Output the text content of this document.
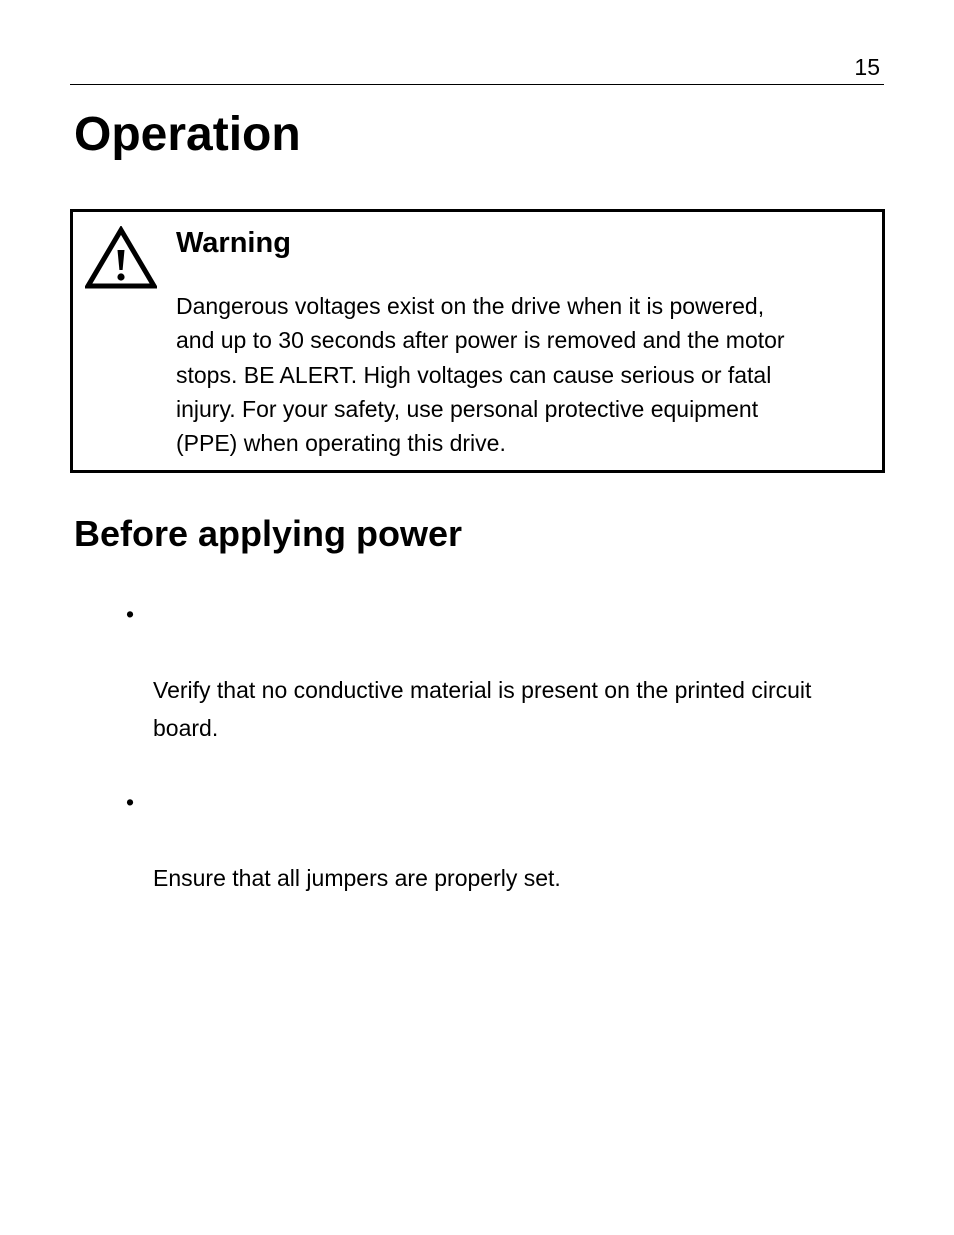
15
Operation
Warning

Dangerous voltages exist on the drive when it is powered,
and up to 30 seconds after power is removed and the motor
stops. BE ALERT. High voltages can cause serious or fatal
injury. For your safety, use personal protective equipment
(PPE) when operating this drive.

Before applying power

•

Verify that no conductive material is present on the printed circuit
board.

•

Ensure that all jumpers are properly set.
